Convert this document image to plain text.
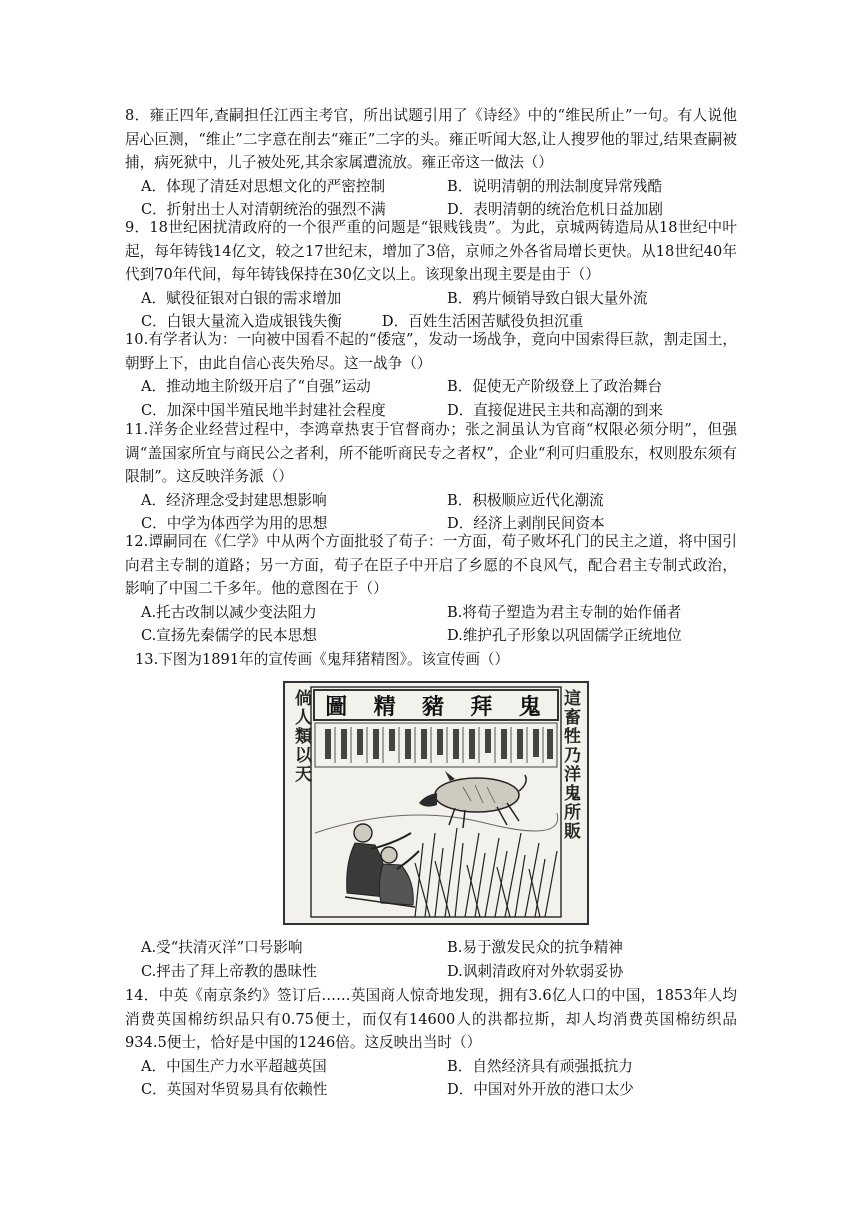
8．雍正四年,查嗣担任江西主考官，所出试题引用了《诗经》中的“维民所止”一句。有人说他居心叵测，“维止”二字意在削去“雍正”二字的头。雍正听闻大怒,让人搜罗他的罪过,结果查嗣被捕，病死狱中，儿子被处死,其余家属遭流放。雍正帝这一做法（）

A．体现了清廷对思想文化的严密控制	B．说明清朝的刑法制度异常残酷
C．折射出士人对清朝统治的强烈不满	D．表明清朝的统治危机日益加剧

9．18世纪困扰清政府的一个很严重的问题是“银贱钱贵”。为此，京城两铸造局从18世纪中叶起，每年铸钱14亿文，较之17世纪末，增加了3倍，京师之外各省局增长更快。从18世纪40年代到70年代间，每年铸钱保持在30亿文以上。该现象出现主要是由于（）

A．赋役征银对白银的需求增加	B．鸦片倾销导致白银大量外流
C．白银大量流入造成银钱失衡	D．百姓生活困苦赋役负担沉重

10.有学者认为：一向被中国看不起的“倭寇”，发动一场战争，竟向中国索得巨款，割走国土，朝野上下，由此自信心丧失殆尽。这一战争（）

A．推动地主阶级开启了“自强”运动	B．促使无产阶级登上了政治舞台
C．加深中国半殖民地半封建社会程度	D．直接促进民主共和高潮的到来

11.洋务企业经营过程中，李鸿章热衷于官督商办；张之洞虽认为官商“权限必须分明”，但强调“盖国家所宜与商民公之者利，所不能听商民专之者权”，企业“利可归重股东，权则股东须有限制”。这反映洋务派（）

A．经济理念受封建思想影响	B．积极顺应近代化潮流
C．中学为体西学为用的思想	D．经济上剥削民间资本

12.谭嗣同在《仁学》中从两个方面批驳了荀子：一方面，荀子败坏孔门的民主之道，将中国引向君主专制的道路；另一方面，荀子在臣子中开启了乡愿的不良风气，配合君主专制式政治，影响了中国二千多年。他的意图在于（）

A.托古改制以减少变法阻力	B.将荀子塑造为君主专制的始作俑者
C.宣扬先秦儒学的民本思想	D.维护孔子形象以巩固儒学正统地位

13.下图为1891年的宣传画《鬼拜猪精图》。该宣传画（）

圖 精 豬 拜 鬼
倘人類以天	這畜牲乃洋鬼所販
A.受“扶清灭洋”口号影响	B.易于激发民众的抗争精神
C.抨击了拜上帝教的愚昧性	D.讽刺清政府对外软弱妥协

14．中英《南京条约》签订后……英国商人惊奇地发现，拥有3.6亿人口的中国，1853年人均消费英国棉纺织品只有0.75便士，而仅有14600人的洪都拉斯，却人均消费英国棉纺织品934.5便士，恰好是中国的1246倍。这反映出当时（）

A．中国生产力水平超越英国	B．自然经济具有顽强抵抗力
C．英国对华贸易具有依赖性	D．中国对外开放的港口太少
